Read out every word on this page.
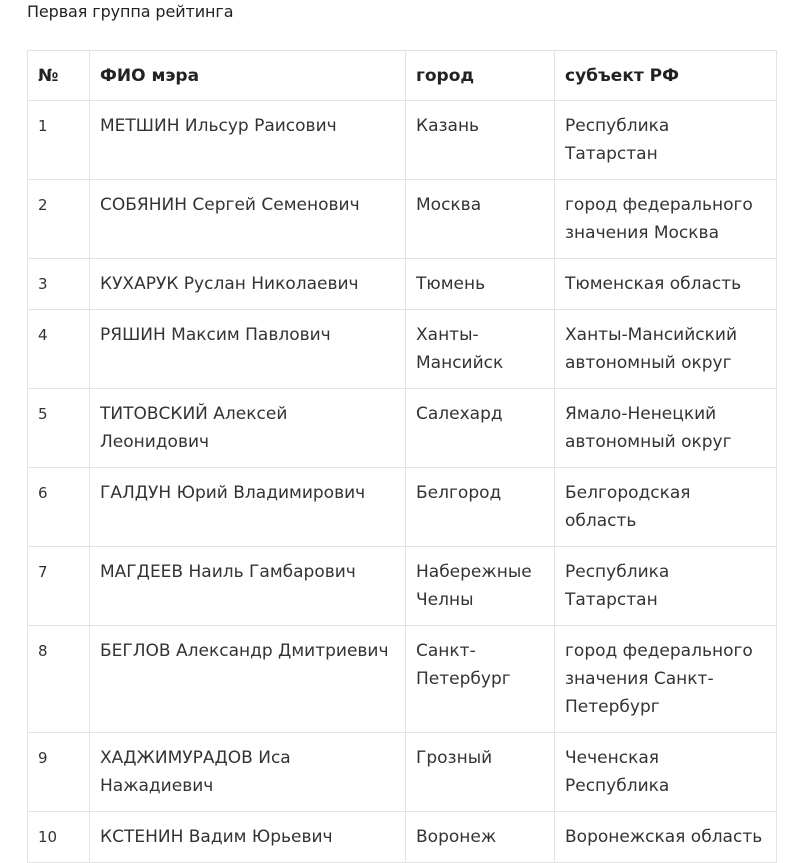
Первая группа рейтинга
№	ФИО мэра	город	субъект РФ
1	МЕТШИН Ильсур Раисович	Казань	Республика Татарстан
2	СОБЯНИН Сергей Семенович	Москва	город федерального значения Москва
3	КУХАРУК Руслан Николаевич	Тюмень	Тюменская область
4	РЯШИН Максим Павлович	Ханты-Мансийск	Ханты-Мансийский автономный округ
5	ТИТОВСКИЙ Алексей Леонидович	Салехард	Ямало-Ненецкий автономный округ
6	ГАЛДУН Юрий Владимирович	Белгород	Белгородская область
7	МАГДЕЕВ Наиль Гамбарович	Набережные Челны	Республика Татарстан
8	БЕГЛОВ Александр Дмитриевич	Санкт-Петербург	город федерального значения Санкт-Петербург
9	ХАДЖИМУРАДОВ Иса Нажадиевич	Грозный	Чеченская Республика
10	КСТЕНИН Вадим Юрьевич	Воронеж	Воронежская область
